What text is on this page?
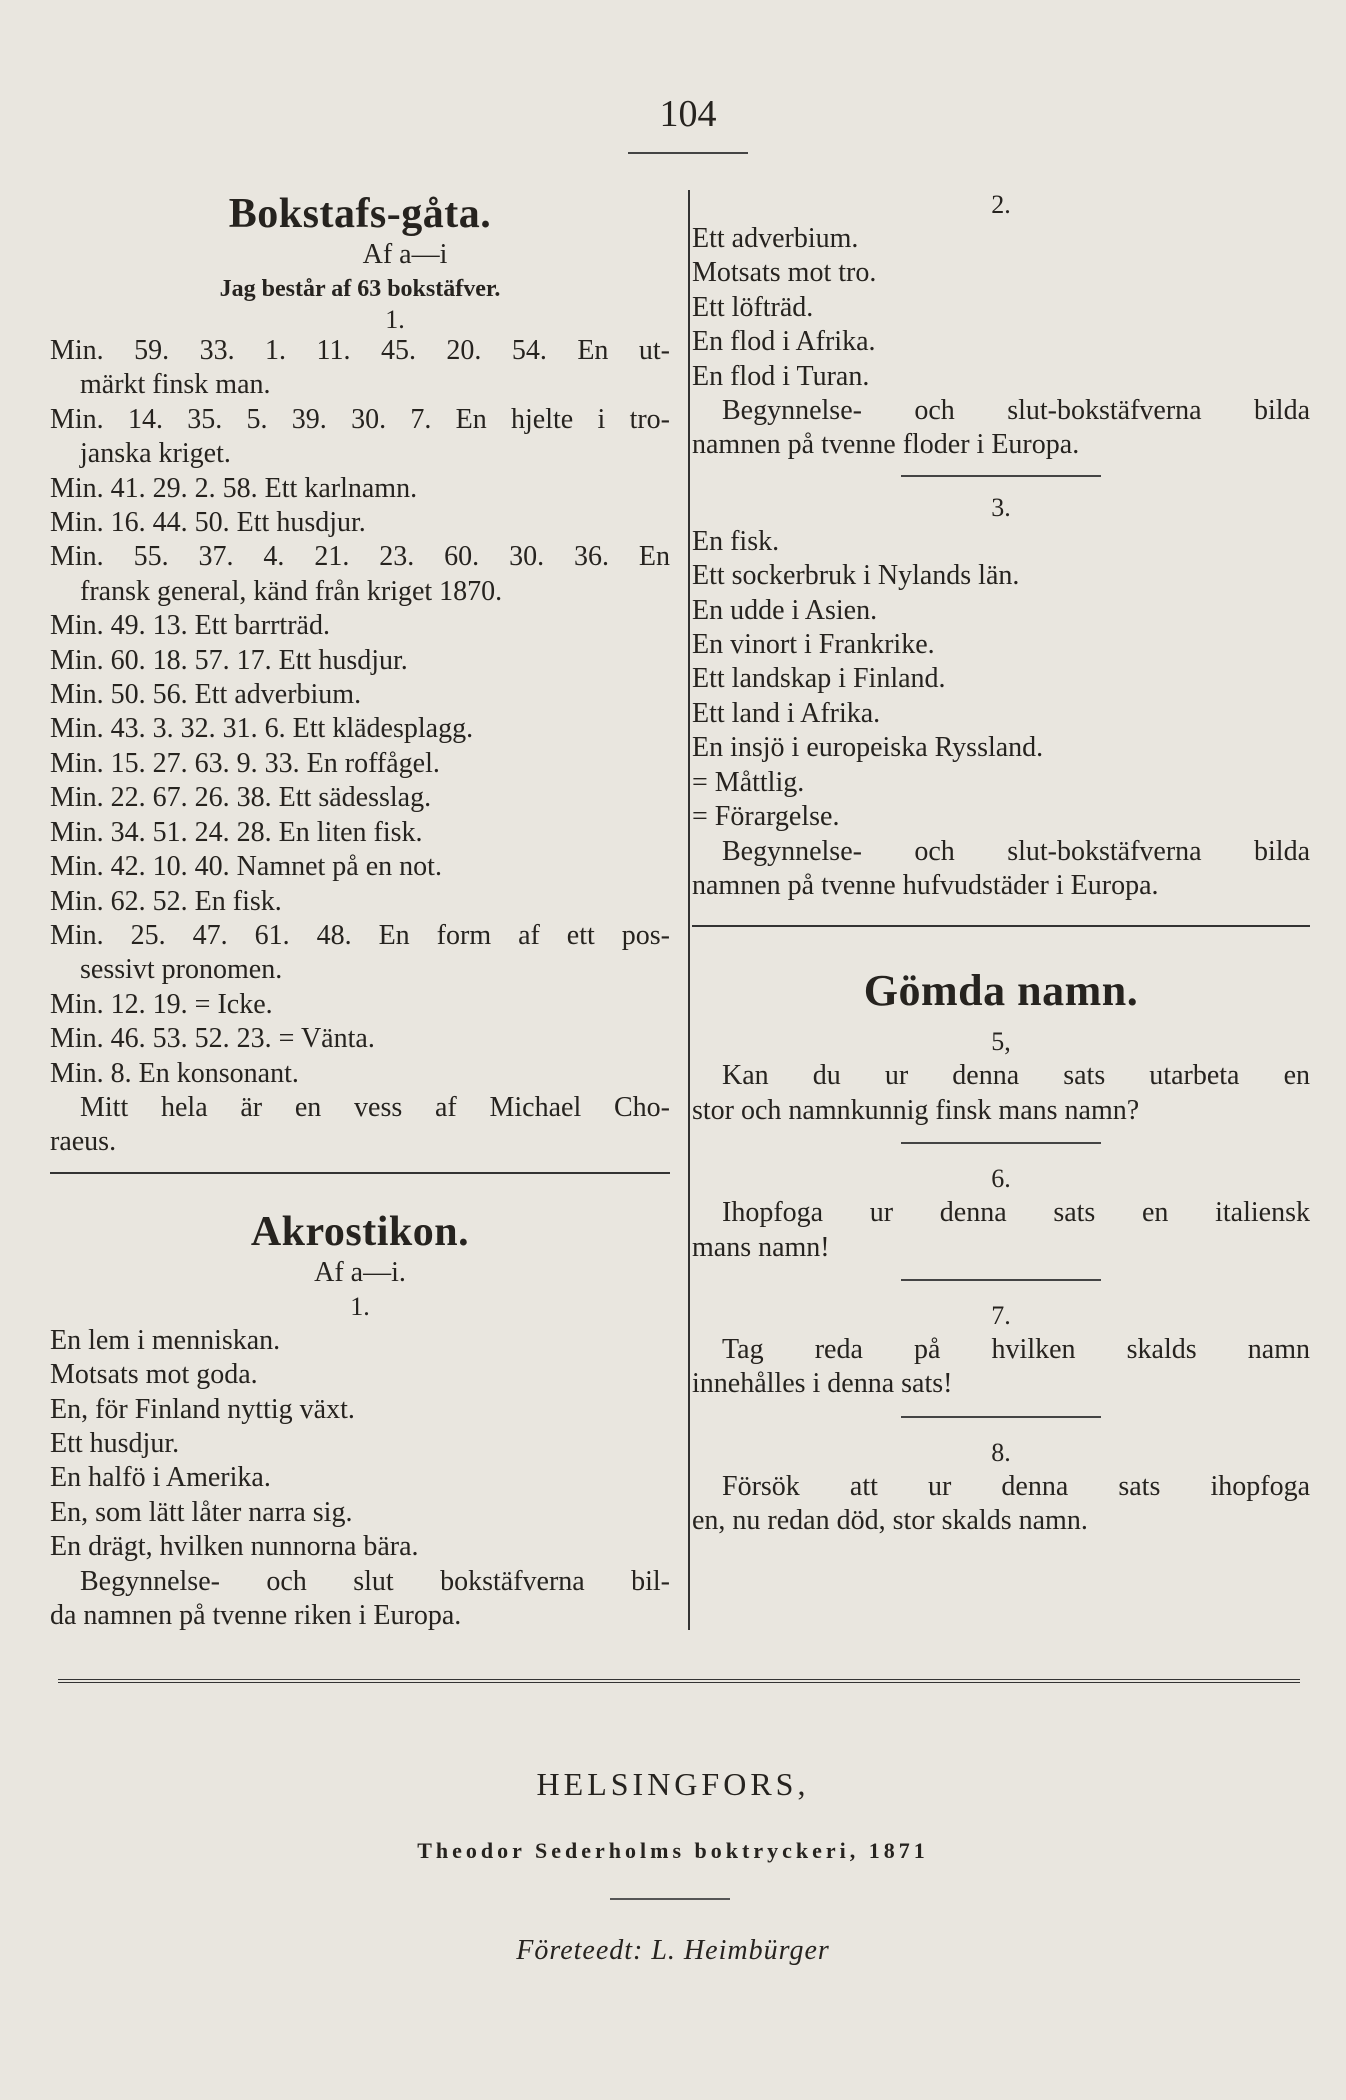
104
Bokstafs-gåta.
Af a—i
Jag består af 63 bokstäfver.
1.
Min. 59. 33. 1. 11. 45. 20. 54. En ut-
märkt finsk man.
Min. 14. 35. 5. 39. 30. 7. En hjelte i tro-
janska kriget.
Min. 41. 29. 2. 58. Ett karlnamn.
Min. 16. 44. 50. Ett husdjur.
Min. 55. 37. 4. 21. 23. 60. 30. 36. En
fransk general, känd från kriget 1870.
Min. 49. 13. Ett barrträd.
Min. 60. 18. 57. 17. Ett husdjur.
Min. 50. 56. Ett adverbium.
Min. 43. 3. 32. 31. 6. Ett klädesplagg.
Min. 15. 27. 63. 9. 33. En roffågel.
Min. 22. 67. 26. 38. Ett sädesslag.
Min. 34. 51. 24. 28. En liten fisk.
Min. 42. 10. 40. Namnet på en not.
Min. 62. 52. En fisk.
Min. 25. 47. 61. 48. En form af ett pos-
sessivt pronomen.
Min. 12. 19. = Icke.
Min. 46. 53. 52. 23. = Vänta.
Min. 8. En konsonant.
Mitt hela är en vess af Michael Cho-
raeus.
Akrostikon.
Af a—i.
1.
En lem i menniskan.
Motsats mot goda.
En, för Finland nyttig växt.
Ett husdjur.
En halfö i Amerika.
En, som lätt låter narra sig.
En drägt, hvilken nunnorna bära.
Begynnelse- och slut bokstäfverna bil-
da namnen på tvenne riken i Europa.
2.
Ett adverbium.
Motsats mot tro.
Ett löfträd.
En flod i Afrika.
En flod i Turan.
Begynnelse- och slut-bokstäfverna bilda
namnen på tvenne floder i Europa.
3.
En fisk.
Ett sockerbruk i Nylands län.
En udde i Asien.
En vinort i Frankrike.
Ett landskap i Finland.
Ett land i Afrika.
En insjö i europeiska Ryssland.
= Måttlig.
= Förargelse.
Begynnelse- och slut-bokstäfverna bilda
namnen på tvenne hufvudstäder i Europa.
Gömda namn.
5,
Kan du ur denna sats utarbeta en
stor och namnkunnig finsk mans namn?
6.
Ihopfoga ur denna sats en italiensk
mans namn!
7.
Tag reda på hvilken skalds namn
innehålles i denna sats!
8.
Försök att ur denna sats ihopfoga
en, nu redan död, stor skalds namn.
HELSINGFORS,
Theodor Sederholms boktryckeri, 1871
Företeedt: L. Heimbürger
